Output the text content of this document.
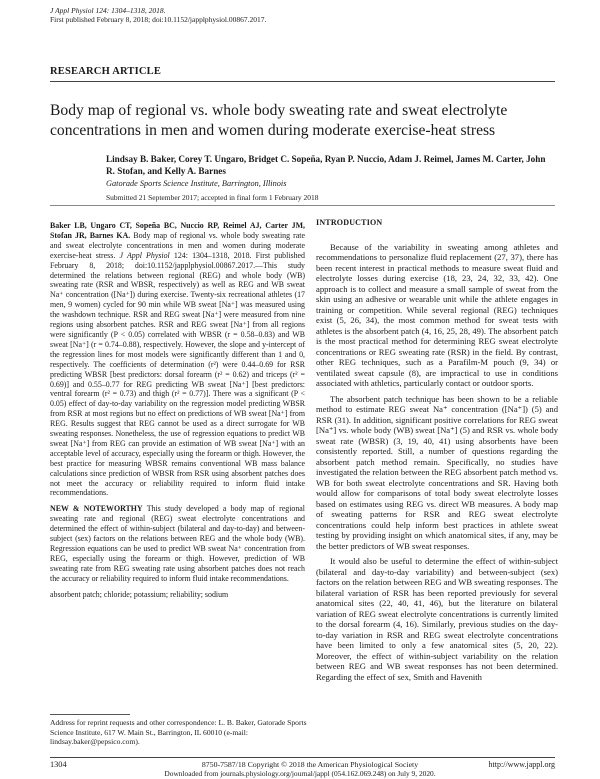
J Appl Physiol 124: 1304–1318, 2018.
First published February 8, 2018; doi:10.1152/japplphysiol.00867.2017.
RESEARCH ARTICLE
Body map of regional vs. whole body sweating rate and sweat electrolyte concentrations in men and women during moderate exercise-heat stress
Lindsay B. Baker, Corey T. Ungaro, Bridget C. Sopeña, Ryan P. Nuccio, Adam J. Reimel, James M. Carter, John R. Stofan, and Kelly A. Barnes
Gatorade Sports Science Institute, Barrington, Illinois
Submitted 21 September 2017; accepted in final form 1 February 2018

Baker LB, Ungaro CT, Sopeña BC, Nuccio RP, Reimel AJ, Carter JM, Stofan JR, Barnes KA. Body map of regional vs. whole body sweating rate and sweat electrolyte concentrations in men and women during moderate exercise-heat stress. J Appl Physiol 124: 1304–1318, 2018. First published February 8, 2018; doi:10.1152/japplphysiol.00867.2017.—This study determined the relations between regional (REG) and whole body (WB) sweating rate (RSR and WBSR, respectively) as well as REG and WB sweat Na⁺ concentration ([Na⁺]) during exercise. Twenty-six recreational athletes (17 men, 9 women) cycled for 90 min while WB sweat [Na⁺] was measured using the washdown technique. RSR and REG sweat [Na⁺] were measured from nine regions using absorbent patches. RSR and REG sweat [Na⁺] from all regions were significantly (P < 0.05) correlated with WBSR (r = 0.58–0.83) and WB sweat [Na⁺] (r = 0.74–0.88), respectively. However, the slope and y-intercept of the regression lines for most models were significantly different than 1 and 0, respectively. The coefficients of determination (r²) were 0.44–0.69 for RSR predicting WBSR [best predictors: dorsal forearm (r² = 0.62) and triceps (r² = 0.69)] and 0.55–0.77 for REG predicting WB sweat [Na⁺] [best predictors: ventral forearm (r² = 0.73) and thigh (r² = 0.77)]. There was a significant (P < 0.05) effect of day-to-day variability on the regression model predicting WBSR from RSR at most regions but no effect on predictions of WB sweat [Na⁺] from REG. Results suggest that REG cannot be used as a direct surrogate for WB sweating responses. Nonetheless, the use of regression equations to predict WB sweat [Na⁺] from REG can provide an estimation of WB sweat [Na⁺] with an acceptable level of accuracy, especially using the forearm or thigh. However, the best practice for measuring WBSR remains conventional WB mass balance calculations since prediction of WBSR from RSR using absorbent patches does not meet the accuracy or reliability required to inform fluid intake recommendations.

NEW & NOTEWORTHY This study developed a body map of regional sweating rate and regional (REG) sweat electrolyte concentrations and determined the effect of within-subject (bilateral and day-to-day) and between-subject (sex) factors on the relations between REG and the whole body (WB). Regression equations can be used to predict WB sweat Na⁺ concentration from REG, especially using the forearm or thigh. However, prediction of WB sweating rate from REG sweating rate using absorbent patches does not reach the accuracy or reliability required to inform fluid intake recommendations.

absorbent patch; chloride; potassium; reliability; sodium

INTRODUCTION

Because of the variability in sweating among athletes and recommendations to personalize fluid replacement (27, 37), there has been recent interest in practical methods to measure sweat fluid and electrolyte losses during exercise (18, 23, 24, 32, 33, 42). One approach is to collect and measure a small sample of sweat from the skin using an adhesive or wearable unit while the athlete engages in training or competition. While several regional (REG) techniques exist (5, 26, 34), the most common method for sweat tests with athletes is the absorbent patch (4, 16, 25, 28, 49). The absorbent patch is the most practical method for determining REG sweat electrolyte concentrations or REG sweating rate (RSR) in the field. By contrast, other REG techniques, such as a Parafilm-M pouch (9, 34) or ventilated sweat capsule (8), are impractical to use in conditions associated with athletics, particularly contact or outdoor sports.

The absorbent patch technique has been shown to be a reliable method to estimate REG sweat Na⁺ concentration ([Na⁺]) (5) and RSR (31). In addition, significant positive correlations for REG sweat [Na⁺] vs. whole body (WB) sweat [Na⁺] (5) and RSR vs. whole body sweat rate (WBSR) (3, 19, 40, 41) using absorbents have been consistently reported. Still, a number of questions regarding the absorbent patch method remain. Specifically, no studies have investigated the relation between the REG absorbent patch method vs. WB for both sweat electrolyte concentrations and SR. Having both would allow for comparisons of total body sweat electrolyte losses based on estimates using REG vs. direct WB measures. A body map of sweating patterns for RSR and REG sweat electrolyte concentrations could help inform best practices in athlete sweat testing by providing insight on which anatomical sites, if any, may be the better predictors of WB sweat responses.

It would also be useful to determine the effect of within-subject (bilateral and day-to-day variability) and between-subject (sex) factors on the relation between REG and WB sweating responses. The bilateral variation of RSR has been reported previously for several anatomical sites (22, 40, 41, 46), but the literature on bilateral variation of REG sweat electrolyte concentrations is currently limited to the dorsal forearm (4, 16). Similarly, previous studies on the day-to-day variation in RSR and REG sweat electrolyte concentrations have been limited to only a few anatomical sites (5, 20, 22). Moreover, the effect of within-subject variability on the relation between REG and WB sweat responses has not been determined. Regarding the effect of sex, Smith and Havenith

Address for reprint requests and other correspondence: L. B. Baker, Gatorade Sports Science Institute, 617 W. Main St., Barrington, IL 60010 (e-mail: lindsay.baker@pepsico.com).
1304	8750-7587/18 Copyright © 2018 the American Physiological Society	http://www.jappl.org
Downloaded from journals.physiology.org/journal/jappl (054.162.069.248) on July 9, 2020.
